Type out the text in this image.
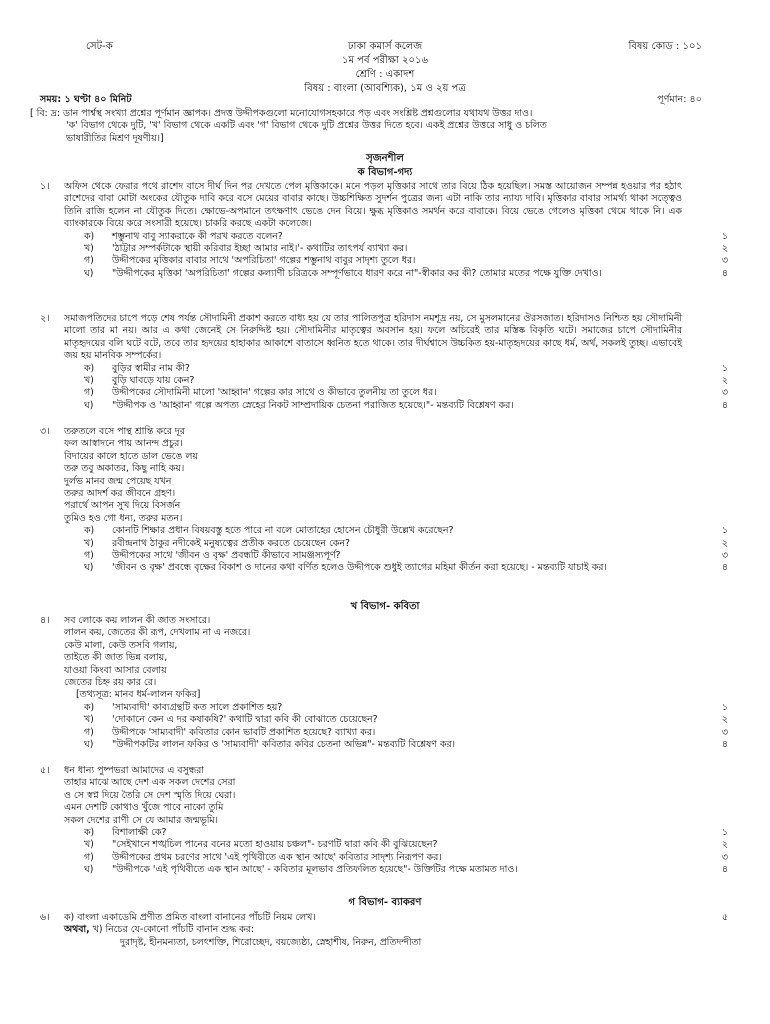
সেট-ক	বিষয় কোড : ১০১
ঢাকা কমার্স কলেজ
১ম পর্ব পরীক্ষা ২০১৬
শ্রেণি : একাদশ
বিষয় : বাংলা (আবশ্যিক), ১ম ও ২য় পত্র
সময়: ১ ঘণ্টা ৪০ মিনিট	পূর্ণমান: ৪০
[ বি: দ্র: ডান পার্শ্বস্থ সংখ্যা প্রশ্নের পূর্ণমান জ্ঞাপক। প্রদত্ত উদ্দীপকগুলো মনোযোগসহকারে পড় এবং সংশ্লিষ্ট প্রশ্নগুলোর যথাযথ উত্তর দাও।
'ক' বিভাগ থেকে দুটি, 'খ' বিভাগ থেকে একটি এবং 'গ' বিভাগ থেকে দুটি প্রশ্নের উত্তর দিতে হবে। একই প্রশ্নের উত্তরে সাধু ও চলিত
ভাষারীতির মিশ্রণ দূষণীয়।]
সৃজনশীল
ক বিভাগ-গদ্য
১।	অফিস থেকে ফেরার পথে রাশেদ বাসে দীর্ঘ দিন পর দেখতে পেল মৃত্তিকাকে। মনে পড়ল মৃত্তিকার সাথে তার বিয়ে ঠিক হয়েছিল। সমস্ত আয়োজন সম্পন্ন হওয়ার পর হঠাৎ রাশেদের বাবা মোটা অংকের যৌতুক দাবি করে বসে মেয়ের বাবার কাছে। উচ্চশিক্ষিত সুদর্শন পুত্রের জন্য এটা নাকি তার ন্যায্য দাবি। মৃত্তিকার বাবার সামর্থ্য থাকা সত্ত্বেও তিনি রাজি হলেন না যৌতুক দিতে। ক্ষোভে-অপমানে তৎক্ষণাৎ ভেঙে দেন বিয়ে। ক্ষুব্ধ মৃত্তিকাও সমর্থন করে বাবাকে। বিয়ে ভেঙে গেলেও মৃত্তিকা থেমে থাকে নি। এক ব্যাংকারকে বিয়ে করে সংসারী হয়েছে। চাকরি করছে একটা কলেজে।
ক) শম্ভুনাথ বাবু স্যাকরাকে কী পরখ করতে বলেন?	১
খ) 'ঠাট্টার সম্পর্কটাকে স্থায়ী করিবার ইচ্ছা আমার নাই।'- কথাটির তাৎপর্য ব্যাখ্যা কর।	২
গ) উদ্দীপকের মৃত্তিকার বাবার সাথে 'অপরিচিতা' গল্পের শম্ভুনাথ বাবুর সাদৃশ্য তুলে ধর।	৩
ঘ) "উদ্দীপকের মৃত্তিকা 'অপরিচিতা' গল্পের কল্যাণী চরিত্রকে সম্পূর্ণভাবে ধারণ করে না"-স্বীকার কর কী? তোমার মতের পক্ষে যুক্তি দেখাও।	৪
২।	সমাজপতিদের চাপে পড়ে শেষ পর্যন্ত সৌদামিনী প্রকাশ করতে বাধ্য হয় যে তার পালিতপুত্র হরিদাস নমশূদ্র নয়, সে মুসলমানের ঔরসজাত। হরিদাসও নিশ্চিত হয় সৌদামিনী মালো তার মা নয়। আর এ কথা জেনেই সে নিরুদ্দিষ্ট হয়। সৌদামিনীর মাতৃত্বের অবসান হয়। ফলে অচিরেই তার মস্তিষ্ক বিকৃতি ঘটে। সমাজের চাপে সৌদামিনীর মাতৃহৃদয়ের বলি ঘটে বটে, তবে তার হৃদয়ের হাহাকার আকাশে বাতাসে ধ্বনিত হতে থাকে। তার দীর্ঘশ্বাসে উচ্চকিত হয়-মাতৃহৃদয়ের কাছে ধর্ম, অর্থ, সকলই তুচ্ছ। এভাবেই জয় হয় মানবিক সম্পর্কের।
ক) বুড়ির স্বামীর নাম কী?	১
খ) বুড়ি ঘাবড়ে যায় কেন?	২
গ) উদ্দীপকের সৌদামিনী মালো 'আহ্বান' গল্পের কার সাথে ও কীভাবে তুলনীয় তা তুলে ধর।	৩
ঘ) "উদ্দীপক ও 'আহ্বান' গল্পে অপত্য স্নেহের নিকট সাম্প্রদায়িক চেতনা পরাজিত হয়েছে।"- মন্তব্যটি বিশ্লেষণ কর।	৪
৩।	তরুতলে বসে পান্থ শ্রান্তি করে দূর
ফল আস্বাদনে পায় আনন্দ প্রচুর।
বিদায়ের কালে হাতে ডাল ভেঙে লয়
তরু তবু অকাতর, কিছু নাহি কয়।
দুর্লভ মানব জন্ম পেয়েছ যখন
তরুর আদর্শ কর জীবনে গ্রহণ।
পরার্থে আপন সুখ দিয়ে বিসর্জন
তুমিও হও গো ধন্য, তরুর মতন।
ক) কোনটি শিক্ষার প্রধান বিষয়বস্তু হতে পারে না বলে মোতাহের হোসেন চৌধুরী উল্লেখ করেছেন?	১
খ) রবীন্দ্রনাথ ঠাকুর নদীকেই মনুষ্যত্বের প্রতীক করতে চেয়েছেন কেন?	২
গ) উদ্দীপকের সাথে 'জীবন ও বৃক্ষ' প্রবন্ধটি কীভাবে সামঞ্জস্যপূর্ণ?	৩
ঘ) 'জীবন ও বৃক্ষ' প্রবন্ধে বৃক্ষের বিকাশ ও দানের কথা বর্ণিত হলেও উদ্দীপকে শুধুই ত্যাগের মহিমা কীর্তন করা হয়েছে। - মন্তব্যটি যাচাই কর।	৪
খ বিভাগ- কবিতা
৪।	সব লোকে কয় লালন কী জাত সংসারে।
লালন কয়, জেতের কী রূপ, দেখলাম না এ নজরে।
কেউ মালা, কেউ তসবি গলায়,
তাইতে কী জাত ভিন্ন বলায়,
যাওয়া কিংবা আসার বেলায়
জেতের চিহ্ন রয় কার রে।
[তথ্যসূত্র: মানব ধর্ম-লালন ফকির]
ক) 'সাম্যবাদী' কাব্যগ্রন্থটি কত সালে প্রকাশিত হয়?	১
খ) 'দোকানে কেন এ দর কষাকষি?' কথাটি দ্বারা কবি কী বোঝাতে চেয়েছেন?	২
গ) উদ্দীপকে 'সাম্যবাদী' কবিতার কোন ভাবটি প্রকাশিত হয়েছে? ব্যাখ্যা কর।	৩
ঘ) "উদ্দীপকটির লালন ফকির ও 'সাম্যবাদী' কবিতার কবির চেতনা অভিন্ন"- মন্তব্যটি বিশ্লেষণ কর।	৪
৫।	ধন ধান্য পুষ্পভরা আমাদের এ বসুন্ধরা
তাহার মাঝে আছে দেশ এক সকল দেশের সেরা
ও সে স্বপ্ন দিয়ে তৈরি সে দেশ স্মৃতি দিয়ে ঘেরা।
এমন দেশটি কোথাও খুঁজে পাবে নাকো তুমি
সকল দেশের রাণী সে যে আমার জন্মভূমি।
ক) বিশালাক্ষী কে?	১
খ) "সেইখানে শঙ্খচিল পানের বনের মতো হাওয়ায় চঞ্চল"- চরণটি দ্বারা কবি কী বুঝিয়েছেন?	২
গ) উদ্দীপকের প্রথম চরণের সাথে 'এই পৃথিবীতে এক স্থান আছে' কবিতার সাদৃশ্য নিরূপণ কর।	৩
ঘ) "উদ্দীপকে 'এই পৃথিবীতে এক স্থান আছে' - কবিতার মূলভাব প্রতিফলিত হয়েছে"- উক্তিটির পক্ষে মতামত দাও।	৪
গ বিভাগ- ব্যাকরণ
৬।	ক) বাংলা একাডেমি প্রণীত প্রমিত বাংলা বানানের পাঁচটি নিয়ম লেখ।	৫
অথবা, খ) নিচের যে-কোনো পাঁচটি বানান শুদ্ধ কর:
দুরাদৃষ্ট, হীনমন্যতা, চলৎশক্তি, শিরোচ্ছেদ, বয়জ্যেষ্ঠ্য, স্নেহাশীষ, নিরুন, প্রতিদন্দীতা
